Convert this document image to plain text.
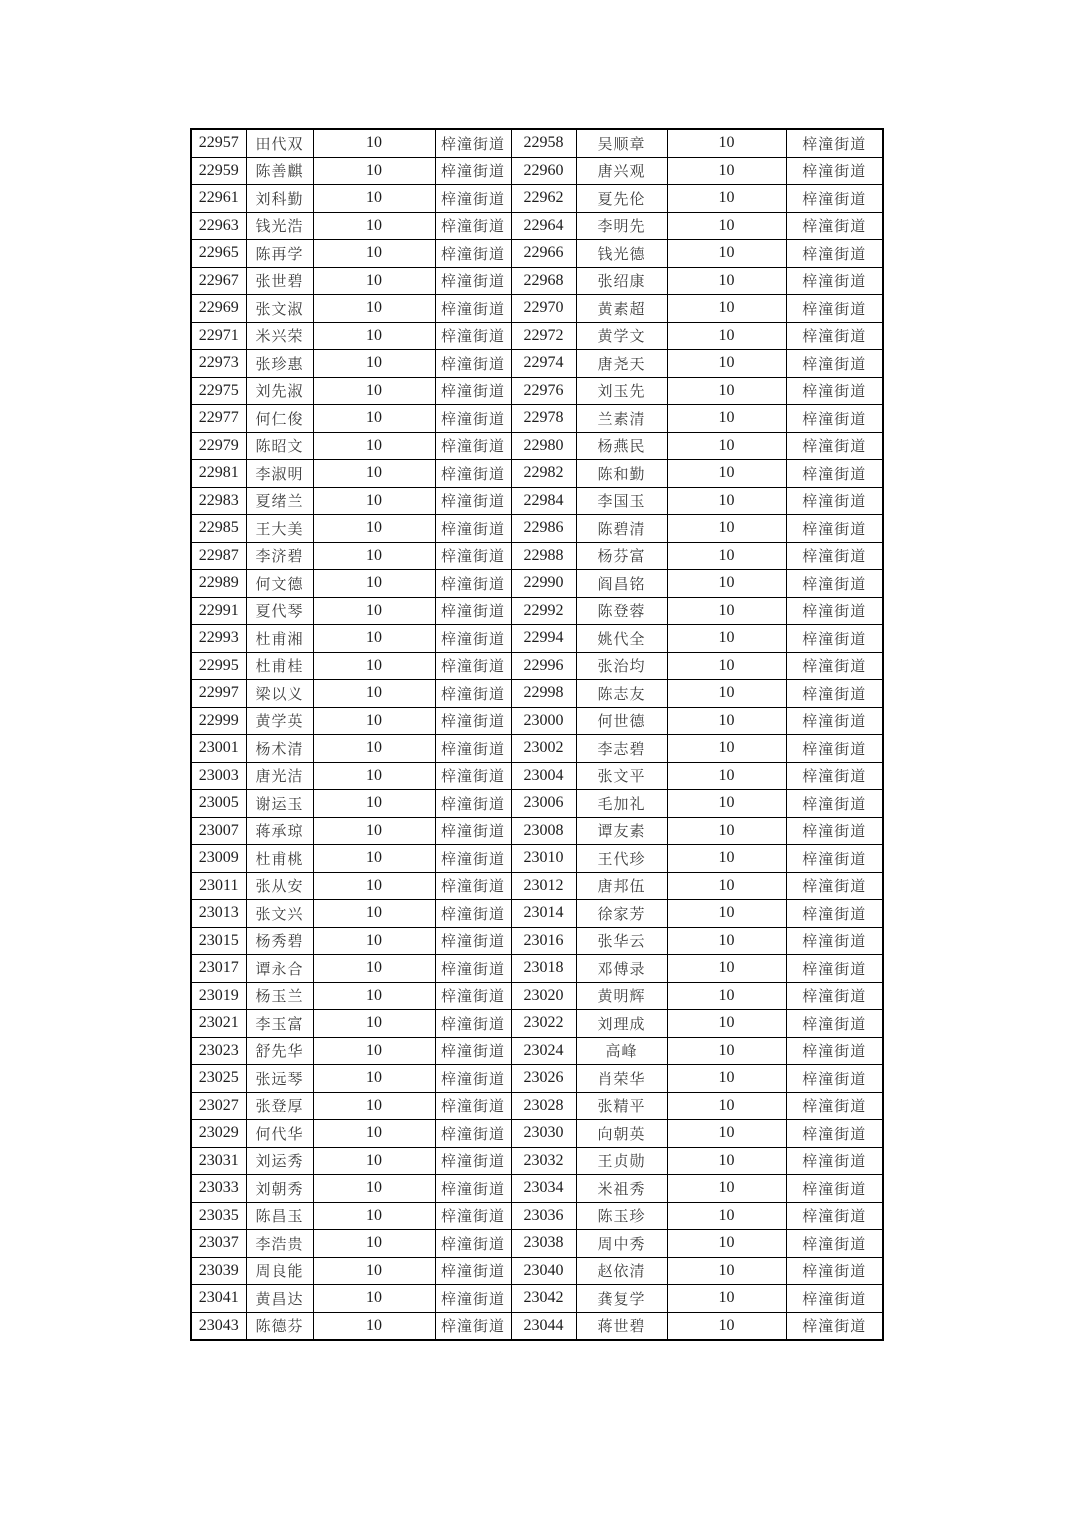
22957	田代双	10	梓潼街道	22958	吴顺章	10	梓潼街道
22959	陈善麒	10	梓潼街道	22960	唐兴观	10	梓潼街道
22961	刘科勤	10	梓潼街道	22962	夏先伦	10	梓潼街道
22963	钱光浩	10	梓潼街道	22964	李明先	10	梓潼街道
22965	陈再学	10	梓潼街道	22966	钱光德	10	梓潼街道
22967	张世碧	10	梓潼街道	22968	张绍康	10	梓潼街道
22969	张文淑	10	梓潼街道	22970	黄素超	10	梓潼街道
22971	米兴荣	10	梓潼街道	22972	黄学文	10	梓潼街道
22973	张珍惠	10	梓潼街道	22974	唐尧天	10	梓潼街道
22975	刘先淑	10	梓潼街道	22976	刘玉先	10	梓潼街道
22977	何仁俊	10	梓潼街道	22978	兰素清	10	梓潼街道
22979	陈昭文	10	梓潼街道	22980	杨燕民	10	梓潼街道
22981	李淑明	10	梓潼街道	22982	陈和勤	10	梓潼街道
22983	夏绪兰	10	梓潼街道	22984	李国玉	10	梓潼街道
22985	王大美	10	梓潼街道	22986	陈碧清	10	梓潼街道
22987	李济碧	10	梓潼街道	22988	杨芬富	10	梓潼街道
22989	何文德	10	梓潼街道	22990	阎昌铭	10	梓潼街道
22991	夏代琴	10	梓潼街道	22992	陈登蓉	10	梓潼街道
22993	杜甫湘	10	梓潼街道	22994	姚代全	10	梓潼街道
22995	杜甫桂	10	梓潼街道	22996	张治均	10	梓潼街道
22997	梁以义	10	梓潼街道	22998	陈志友	10	梓潼街道
22999	黄学英	10	梓潼街道	23000	何世德	10	梓潼街道
23001	杨术清	10	梓潼街道	23002	李志碧	10	梓潼街道
23003	唐光洁	10	梓潼街道	23004	张文平	10	梓潼街道
23005	谢运玉	10	梓潼街道	23006	毛加礼	10	梓潼街道
23007	蒋承琼	10	梓潼街道	23008	谭友素	10	梓潼街道
23009	杜甫桃	10	梓潼街道	23010	王代珍	10	梓潼街道
23011	张从安	10	梓潼街道	23012	唐邦伍	10	梓潼街道
23013	张文兴	10	梓潼街道	23014	徐家芳	10	梓潼街道
23015	杨秀碧	10	梓潼街道	23016	张华云	10	梓潼街道
23017	谭永合	10	梓潼街道	23018	邓傅录	10	梓潼街道
23019	杨玉兰	10	梓潼街道	23020	黄明辉	10	梓潼街道
23021	李玉富	10	梓潼街道	23022	刘理成	10	梓潼街道
23023	舒先华	10	梓潼街道	23024	高峰	10	梓潼街道
23025	张远琴	10	梓潼街道	23026	肖荣华	10	梓潼街道
23027	张登厚	10	梓潼街道	23028	张精平	10	梓潼街道
23029	何代华	10	梓潼街道	23030	向朝英	10	梓潼街道
23031	刘运秀	10	梓潼街道	23032	王贞勋	10	梓潼街道
23033	刘朝秀	10	梓潼街道	23034	米祖秀	10	梓潼街道
23035	陈昌玉	10	梓潼街道	23036	陈玉珍	10	梓潼街道
23037	李浩贵	10	梓潼街道	23038	周中秀	10	梓潼街道
23039	周良能	10	梓潼街道	23040	赵依清	10	梓潼街道
23041	黄昌达	10	梓潼街道	23042	龚复学	10	梓潼街道
23043	陈德芬	10	梓潼街道	23044	蒋世碧	10	梓潼街道
